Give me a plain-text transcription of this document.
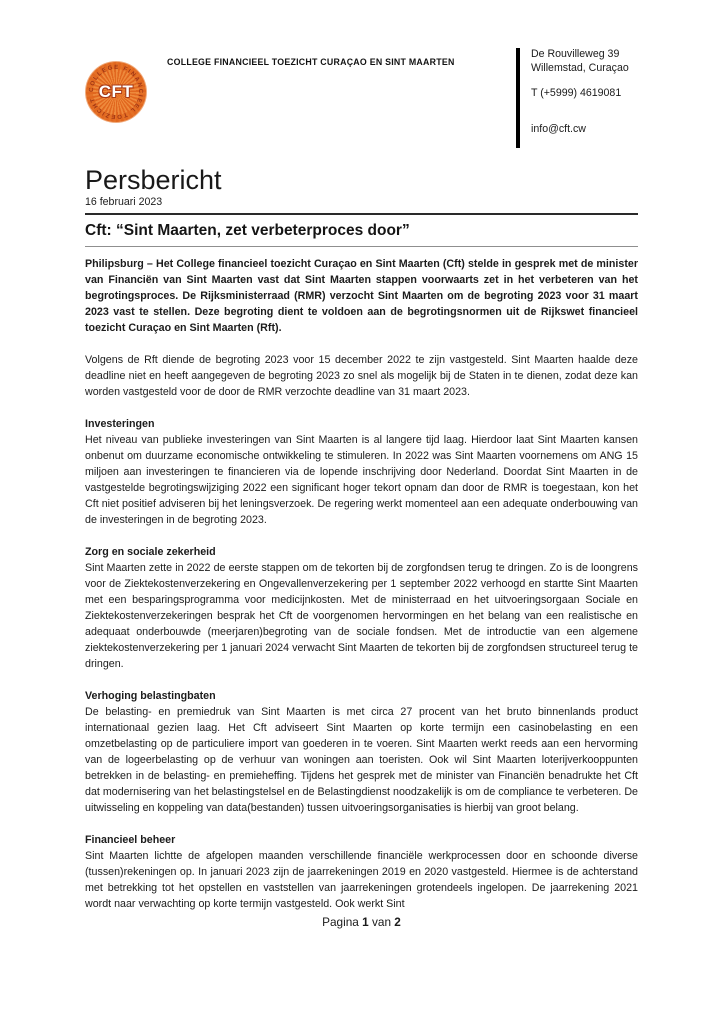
COLLEGE FINANCIEEL TOEZICHT CFT
COLLEGE FINANCIEEL TOEZICHT CURAÇAO EN SINT MAARTEN
De Rouvilleweg 39
Willemstad, Curaçao
T (+5999) 4619081
info@cft.cw
Persbericht
16 februari 2023
Cft: “Sint Maarten, zet verbeterproces door”

Philipsburg – Het College financieel toezicht Curaçao en Sint Maarten (Cft) stelde in gesprek met de minister van Financiën van Sint Maarten vast dat Sint Maarten stappen voorwaarts zet in het verbeteren van het begrotingsproces. De Rijksministerraad (RMR) verzocht Sint Maarten om de begroting 2023 voor 31 maart 2023 vast te stellen. Deze begroting dient te voldoen aan de begrotingsnormen uit de Rijkswet financieel toezicht Curaçao en Sint Maarten (Rft).

Volgens de Rft diende de begroting 2023 voor 15 december 2022 te zijn vastgesteld. Sint Maarten haalde deze deadline niet en heeft aangegeven de begroting 2023 zo snel als mogelijk bij de Staten in te dienen, zodat deze kan worden vastgesteld voor de door de RMR verzochte deadline van 31 maart 2023.

Investeringen

Het niveau van publieke investeringen van Sint Maarten is al langere tijd laag. Hierdoor laat Sint Maarten kansen onbenut om duurzame economische ontwikkeling te stimuleren. In 2022 was Sint Maarten voornemens om ANG 15 miljoen aan investeringen te financieren via de lopende inschrijving door Nederland. Doordat Sint Maarten in de vastgestelde begrotingswijziging 2022 een significant hoger tekort opnam dan door de RMR is toegestaan, kon het Cft niet positief adviseren bij het leningsverzoek. De regering werkt momenteel aan een adequate onderbouwing van de investeringen in de begroting 2023.

Zorg en sociale zekerheid

Sint Maarten zette in 2022 de eerste stappen om de tekorten bij de zorgfondsen terug te dringen. Zo is de loongrens voor de Ziektekostenverzekering en Ongevallenverzekering per 1 september 2022 verhoogd en startte Sint Maarten met een besparingsprogramma voor medicijnkosten. Met de ministerraad en het uitvoeringsorgaan Sociale en Ziektekostenverzekeringen besprak het Cft de voorgenomen hervormingen en het belang van een realistische en adequaat onderbouwde (meerjaren)begroting van de sociale fondsen. Met de introductie van een algemene ziektekostenverzekering per 1 januari 2024 verwacht Sint Maarten de tekorten bij de zorgfondsen structureel terug te dringen.

Verhoging belastingbaten

De belasting- en premiedruk van Sint Maarten is met circa 27 procent van het bruto binnenlands product internationaal gezien laag. Het Cft adviseert Sint Maarten op korte termijn een casinobelasting en een omzetbelasting op de particuliere import van goederen in te voeren. Sint Maarten werkt reeds aan een hervorming van de logeerbelasting op de verhuur van woningen aan toeristen. Ook wil Sint Maarten loterijverkooppunten betrekken in de belasting- en premieheffing. Tijdens het gesprek met de minister van Financiën benadrukte het Cft dat modernisering van het belastingstelsel en de Belastingdienst noodzakelijk is om de compliance te verbeteren. De uitwisseling en koppeling van data(bestanden) tussen uitvoeringsorganisaties is hierbij van groot belang.

Financieel beheer

Sint Maarten lichtte de afgelopen maanden verschillende financiële werkprocessen door en schoonde diverse (tussen)rekeningen op. In januari 2023 zijn de jaarrekeningen 2019 en 2020 vastgesteld. Hiermee is de achterstand met betrekking tot het opstellen en vaststellen van jaarrekeningen grotendeels ingelopen. De jaarrekening 2021 wordt naar verwachting op korte termijn vastgesteld. Ook werkt Sint

Pagina 1 van 2
